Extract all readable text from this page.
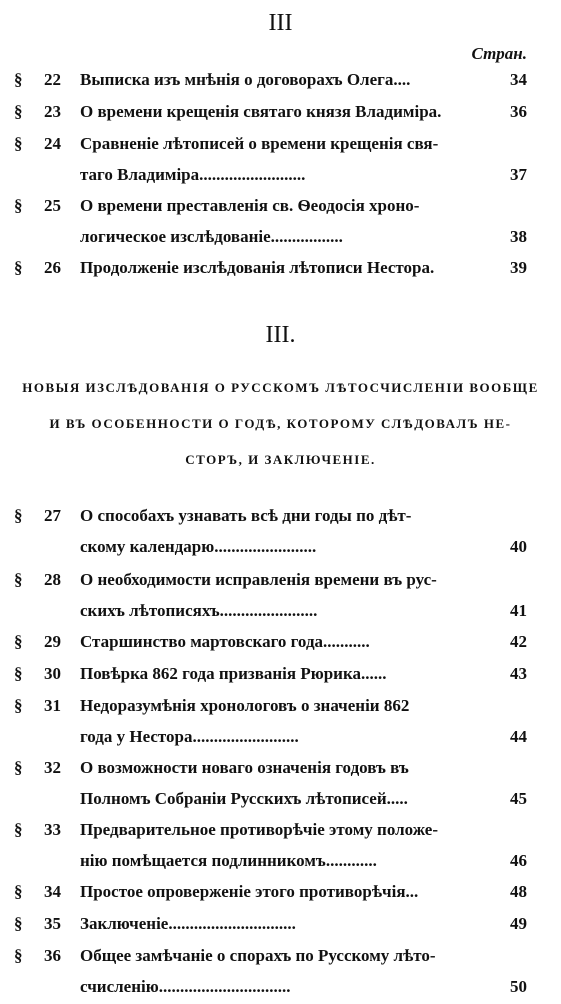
III
Стран.
§ 22	Выписка изъ мнѣнія о договорахъ Олега....	34
§ 23	О времени крещенія святаго князя Владиміра.	36
§ 24	Сравненіе лѣтописей о времени крещенія свя-
таго Владиміра.........................	37
§ 25	О времени преставленія св. Ѳеодосія хроно-
логическое изслѣдованіе.................	38
§ 26	Продолженіе изслѣдованія лѣтописи Нестора.	39
III.
НОВЫЯ ИЗСЛѢДОВАНІЯ О РУССКОМЪ ЛѢТОСЧИСЛЕНІИ ВООБЩЕ
И ВЪ ОСОБЕННОСТИ О ГОДѢ, КОТОРОМУ СЛѢДОВАЛЪ НЕ-
СТОРЪ, И ЗАКЛЮЧЕНІЕ.
§ 27	О способахъ узнавать всѣ дни годы по дѣт-
скому календарю........................	40
§ 28	О необходимости исправленія времени въ рус-
скихъ лѣтописяхъ.......................	41
§ 29	Старшинство мартовскаго года...........	42
§ 30	Повѣрка 862 года призванія Рюрика......	43
§ 31	Недоразумѣнія хронологовъ о значеніи 862
года у Нестора.........................	44
§ 32	О возможности новаго означенія годовъ въ
Полномъ Собраніи Русскихъ лѣтописей.....	45
§ 33	Предварительное противорѣчіе этому положе-
нію помѣщается подлинникомъ............	46
§ 34	Простое опроверженіе этого противорѣчія...	48
§ 35	Заключеніе..............................	49
§ 36	Общее замѣчаніе о спорахъ по Русскому лѣто-
счисленію...............................	50
